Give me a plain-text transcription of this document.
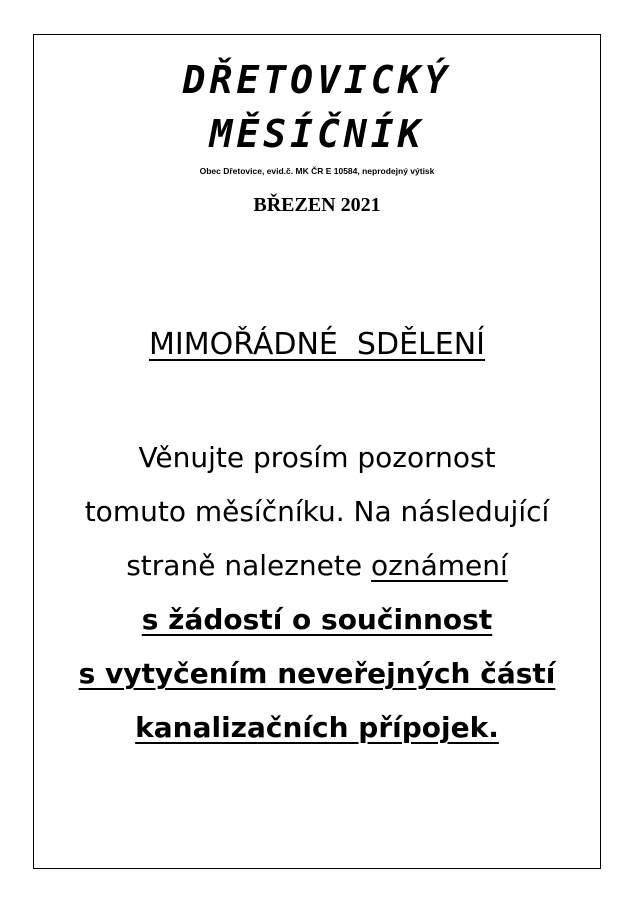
DŘETOVICKÝ

MĚSÍČNÍK

Obec Dřetovice, evid.č. MK ČR E 10584, neprodejný výtisk
BŘEZEN 2021
MIMOŘÁDNÉ  SDĚLENÍ
Věnujte prosím pozornost
tomuto měsíčníku. Na následující
straně naleznete oznámení
s žádostí o součinnost
s vytyčením neveřejných částí
kanalizačních přípojek.
